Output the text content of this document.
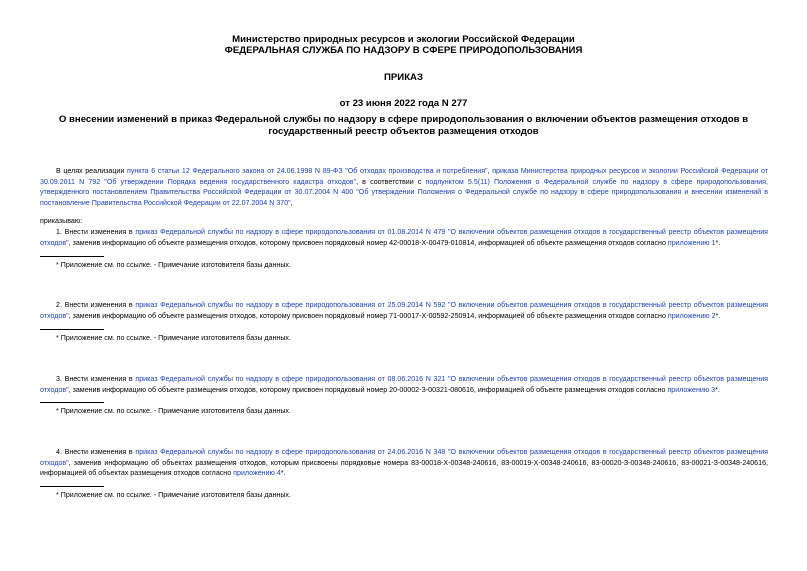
Министерство природных ресурсов и экологии Российской Федерации
ФЕДЕРАЛЬНАЯ СЛУЖБА ПО НАДЗОРУ В СФЕРЕ ПРИРОДОПОЛЬЗОВАНИЯ
ПРИКАЗ
от 23 июня 2022 года N 277
О внесении изменений в приказ Федеральной службы по надзору в сфере природопользования о включении объектов размещения отходов в государственный реестр объектов размещения отходов
В целях реализации пункта 6 статьи 12 Федерального закона от 24.06.1998 N 89-ФЗ "Об отходах производства и потребления", приказа Министерства природных ресурсов и экологии Российской Федерации от 30.09.2011 N 792 "Об утверждении Порядка ведения государственного кадастра отходов", в соответствии с подпунктом 5.5(11) Положения о Федеральной службе по надзору в сфере природопользования, утвержденного постановлением Правительства Российской Федерации от 30.07.2004 N 400 "Об утверждении Положения о Федеральной службе по надзору в сфере природопользования и внесении изменений в постановление Правительства Российской Федерации от 22.07.2004 N 370",
приказываю:
1. Внести изменения в приказ Федеральной службы по надзору в сфере природопользования от 01.08.2014 N 479 "О включении объектов размещения отходов в государственный реестр объектов размещения отходов", заменив информацию об объекте размещения отходов, которому присвоен порядковый номер 42-00018-Х-00479-010814, информацией об объекте размещения отходов согласно приложению 1*.
* Приложение см. по ссылке. - Примечание изготовителя базы данных.
2. Внести изменения в приказ Федеральной службы по надзору в сфере природопользования от 25.09.2014 N 592 "О включении объектов размещения отходов в государственный реестр объектов размещения отходов", заменив информацию об объекте размещения отходов, которому присвоен порядковый номер 71-00017-Х-00592-250914, информацией об объекте размещения отходов согласно приложению 2*.
* Приложение см. по ссылке. - Примечание изготовителя базы данных.
3. Внести изменения в приказ Федеральной службы по надзору в сфере природопользования от 08.06.2016 N 321 "О включении объектов размещения отходов в государственный реестр объектов размещения отходов", заменив информацию об объекте размещения отходов, которому присвоен порядковый номер 20-00002-З-00321-080616, информацией об объекте размещения отходов согласно приложению 3*.
* Приложение см. по ссылке. - Примечание изготовителя базы данных.
4. Внести изменения в приказ Федеральной службы по надзору в сфере природопользования от 24.06.2016 N 348 "О включении объектов размещения отходов в государственный реестр объектов размещения отходов", заменив информацию об объектах размещения отходов, которым присвоены порядковые номера 83-00018-Х-00348-240616, 83-00019-Х-00348-240616, 83-00020-З-00348-240616, 83-00021-З-00348-240616, информацией об объектах размещения отходов согласно приложению 4*.
* Приложение см. по ссылке. - Примечание изготовителя базы данных.
